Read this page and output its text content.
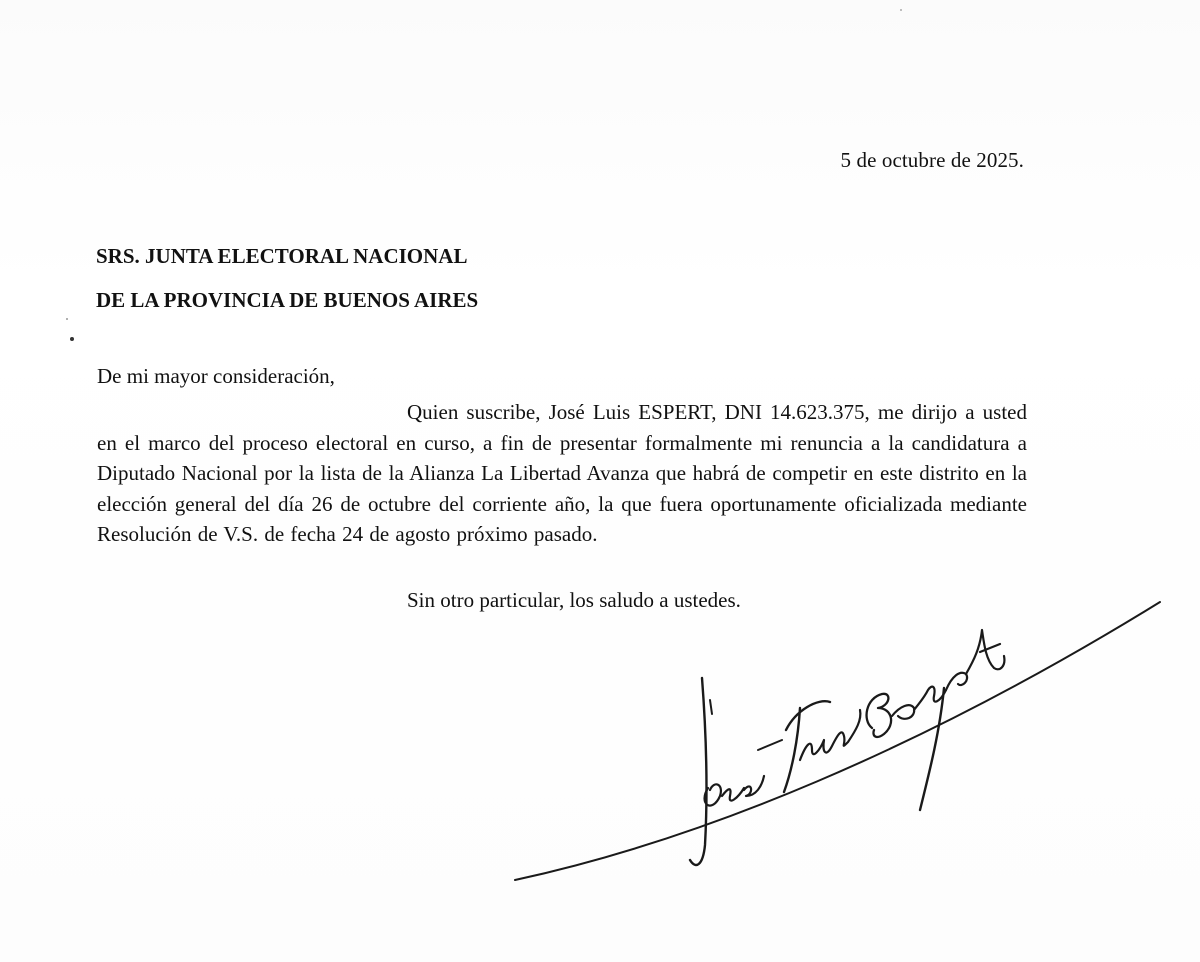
5 de octubre de 2025.
SRS. JUNTA ELECTORAL NACIONAL
DE LA PROVINCIA DE BUENOS AIRES
De mi mayor consideración,
Quien suscribe, José Luis ESPERT, DNI 14.623.375, me dirijo a usted en el marco del proceso electoral en curso, a fin de presentar formalmente mi renuncia a la candidatura a Diputado Nacional por la lista de la Alianza La Libertad Avanza que habrá de competir en este distrito en la elección general del día 26 de octubre del corriente año, la que fuera oportunamente oficializada mediante Resolución de V.S. de fecha 24 de agosto próximo pasado.
Sin otro particular, los saludo a ustedes.
